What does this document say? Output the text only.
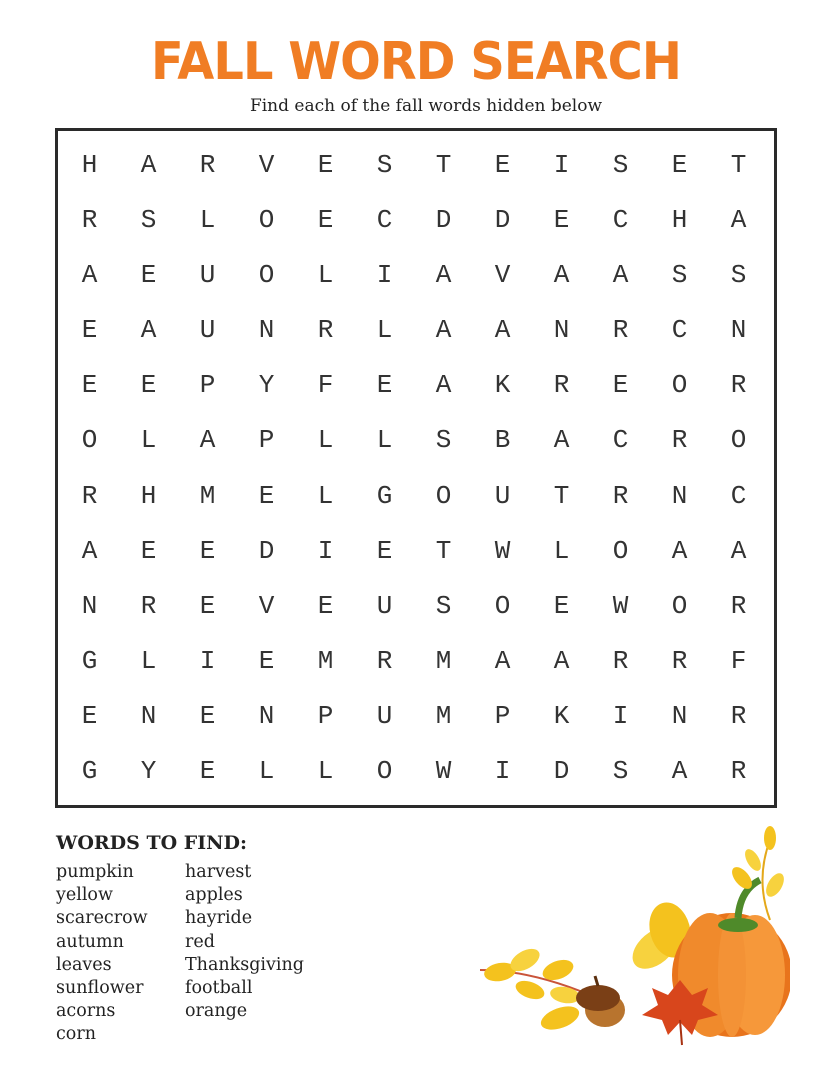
FALL WORD SEARCH
Find each of the fall words hidden below
H	A	R	V	E	S	T	E	I	S	E	T
R	S	L	O	E	C	D	D	E	C	H	A
A	E	U	O	L	I	A	V	A	A	S	S
E	A	U	N	R	L	A	A	N	R	C	N
E	E	P	Y	F	E	A	K	R	E	O	R
O	L	A	P	L	L	S	B	A	C	R	O
R	H	M	E	L	G	O	U	T	R	N	C
A	E	E	D	I	E	T	W	L	O	A	A
N	R	E	V	E	U	S	O	E	W	O	R
G	L	I	E	M	R	M	A	A	R	R	F
E	N	E	N	P	U	M	P	K	I	N	R
G	Y	E	L	L	O	W	I	D	S	A	R
WORDS TO FIND:
pumpkin
yellow
scarecrow
autumn
leaves
sunflower
acorns
corn
harvest
apples
hayride
red
Thanksgiving
football
orange
